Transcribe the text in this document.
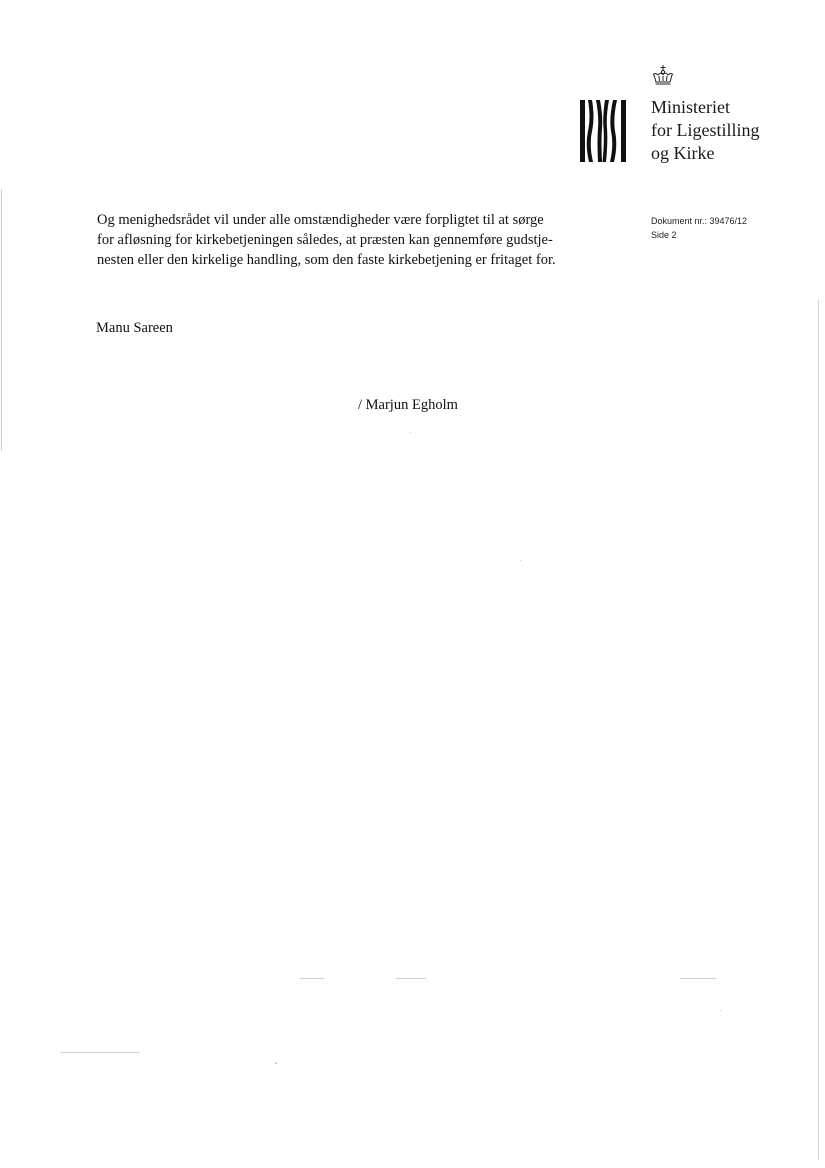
Ministeriet
for Ligestilling
og Kirke
Dokument nr.: 39476/12
Side 2
Og menighedsrådet vil under alle omstændigheder være forpligtet til at sørge
for afløsning for kirkebetjeningen således, at præsten kan gennemføre gudstje-
nesten eller den kirkelige handling, som den faste kirkebetjening er fritaget for.
Manu Sareen
/ Marjun Egholm
